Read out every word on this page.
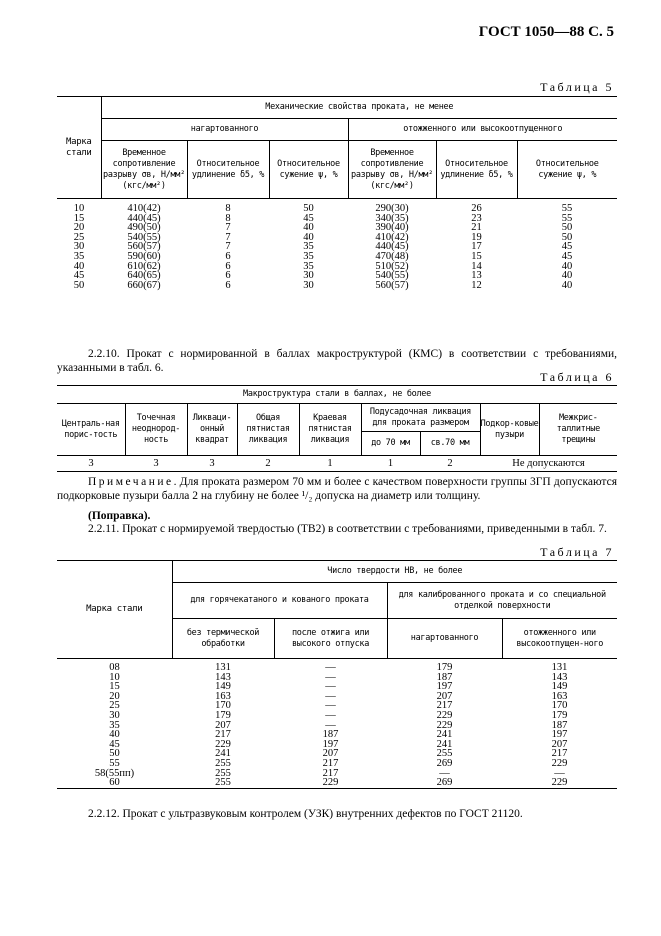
ГОСТ 1050—88 С. 5
Таблица 5
Марка стали	Механические свойства проката, не менее					
	нагартованного			отожженного или высокоотпущенного		
	Временное сопротивление разрыву σв, Н/мм² (кгс/мм²)	Относительное удлинение δ5, %	Относительное сужение ψ, %	Временное сопротивление разрыву σв, Н/мм² (кгс/мм²)	Относительное удлинение δ5, %	Относительное сужение ψ, %
10	410(42)	8	50	290(30)	26	55
15	440(45)	8	45	340(35)	23	55
20	490(50)	7	40	390(40)	21	50
25	540(55)	7	40	410(42)	19	50
30	560(57)	7	35	440(45)	17	45
35	590(60)	6	35	470(48)	15	45
40	610(62)	6	35	510(52)	14	40
45	640(65)	6	30	540(55)	13	40
50	660(67)	6	30	560(57)	12	40
2.2.10. Прокат с нормированной в баллах макроструктурой (КМС) в соответствии с требованиями, указанными в табл. 6.
Таблица 6
Макроструктура стали в баллах, не более								
Централь-ная порис-тость	Точечная неоднород-ность	Ликваци-онный квадрат	Общая пятнистая ликвация	Краевая пятнистая ликвация	Подусадочная ликвация для проката размером		Подкор-ковые пузыри	Межкрис-таллитные трещины
					до 70 мм	св.70 мм		
3	3	3	2	1	1	2	Не допускаются	
Примечание. Для проката размером 70 мм и более с качеством поверхности группы 3ГП допускаются подкорковые пузыри балла 2 на глубину не более ¹/₂ допуска на диаметр или толщину.
(Поправка).
2.2.11. Прокат с нормируемой твердостью (ТВ2) в соответствии с требованиями, приведенными в табл. 7.
Таблица 7
Марка стали	Число твердости НВ, не более			
	для горячекатаного и кованого проката		для калиброванного проката и со специальной отделкой поверхности	
	без термической обработки	после отжига или высокого отпуска	нагартованного	отожженного или высокоотпущен-ного
08	131	—	179	131
10	143	—	187	143
15	149	—	197	149
20	163	—	207	163
25	170	—	217	170
30	179	—	229	179
35	207	—	229	187
40	217	187	241	197
45	229	197	241	207
50	241	207	255	217
55	255	217	269	229
58(55пп)	255	217	—	—
60	255	229	269	229
2.2.12. Прокат с ультразвуковым контролем (УЗК) внутренних дефектов по ГОСТ 21120.
